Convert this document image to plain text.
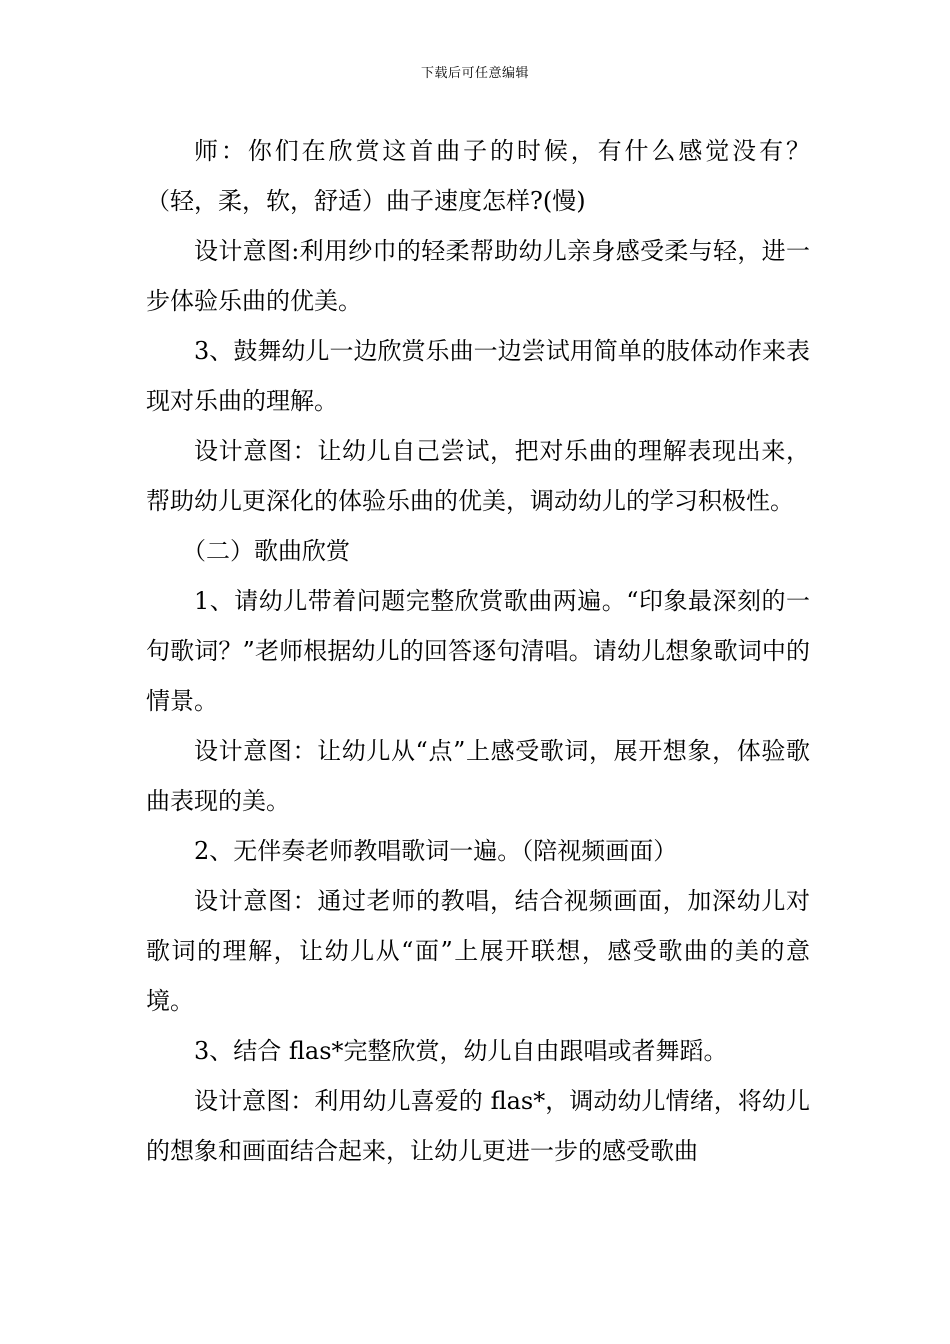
下载后可任意编辑

师：你们在欣赏这首曲子的时候，有什么感觉没有？（轻，柔，软，舒适）曲子速度怎样?(慢)

设计意图:利用纱巾的轻柔帮助幼儿亲身感受柔与轻，进一步体验乐曲的优美。

3、鼓舞幼儿一边欣赏乐曲一边尝试用简单的肢体动作来表现对乐曲的理解。

设计意图：让幼儿自己尝试，把对乐曲的理解表现出来，帮助幼儿更深化的体验乐曲的优美，调动幼儿的学习积极性。

（二）歌曲欣赏

1、请幼儿带着问题完整欣赏歌曲两遍。“印象最深刻的一句歌词？”老师根据幼儿的回答逐句清唱。请幼儿想象歌词中的情景。

设计意图：让幼儿从“点”上感受歌词，展开想象，体验歌曲表现的美。

2、无伴奏老师教唱歌词一遍。（陪视频画面）

设计意图：通过老师的教唱，结合视频画面，加深幼儿对歌词的理解，让幼儿从“面”上展开联想，感受歌曲的美的意境。

3、结合 flas*完整欣赏，幼儿自由跟唱或者舞蹈。

设计意图：利用幼儿喜爱的 flas*，调动幼儿情绪，将幼儿的想象和画面结合起来，让幼儿更进一步的感受歌曲
